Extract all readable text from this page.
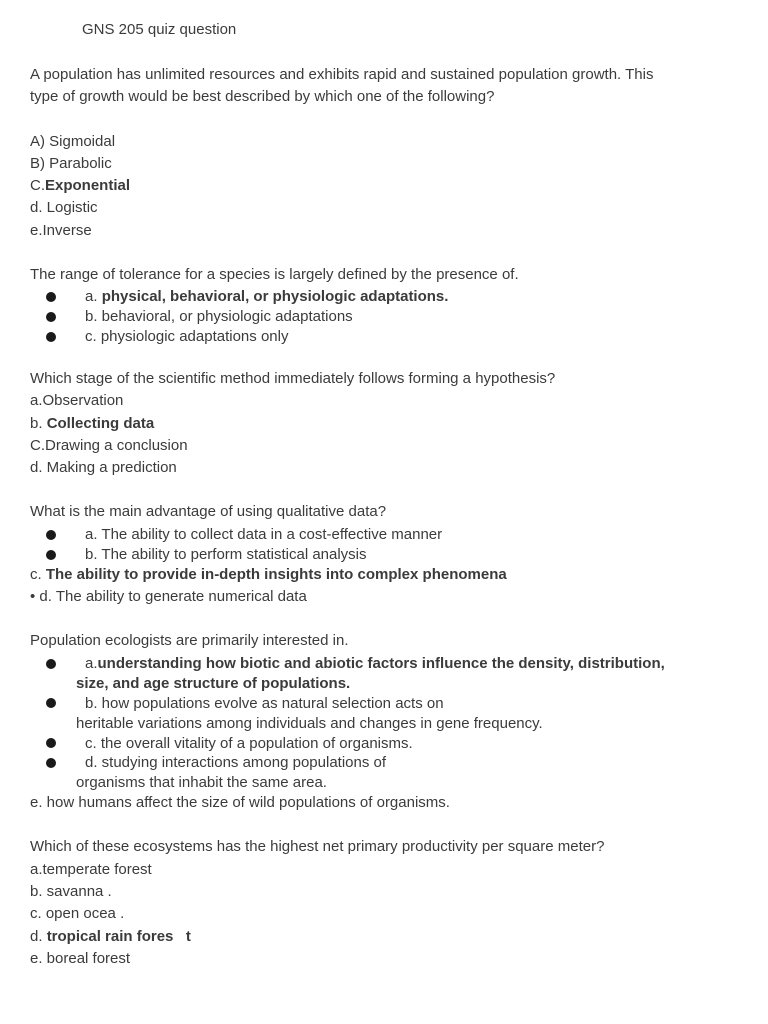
GNS 205 quiz question
A population has unlimited resources and exhibits rapid and sustained population growth. This
type of growth would be best described by which one of the following?
A) Sigmoidal
B) Parabolic
C.Exponential
d. Logistic
e.Inverse
The range of tolerance for a species is largely defined by the presence of.
a. physical, behavioral, or physiologic adaptations.
b. behavioral, or physiologic adaptations
c. physiologic adaptations only
Which stage of the scientific method immediately follows forming a hypothesis?
a.Observation
b. Collecting data
C.Drawing a conclusion
d. Making a prediction
What is the main advantage of using qualitative data?
a. The ability to collect data in a cost-effective manner
b. The ability to perform statistical analysis
c. The ability to provide in-depth insights into complex phenomena
• d. The ability to generate numerical data
Population ecologists are primarily interested in.
a.understanding how biotic and abiotic factors influence the density, distribution,
size, and age structure of populations.
b. how populations evolve as natural selection acts on
heritable variations among individuals and changes in gene frequency.
c. the overall vitality of a population of organisms.
d. studying interactions among populations of
organisms that inhabit the same area.
e. how humans affect the size of wild populations of organisms.
Which of these ecosystems has the highest net primary productivity per square meter?
a.temperate forest
b. savanna .
c. open ocea .
d. tropical rain fores   t
e. boreal forest
